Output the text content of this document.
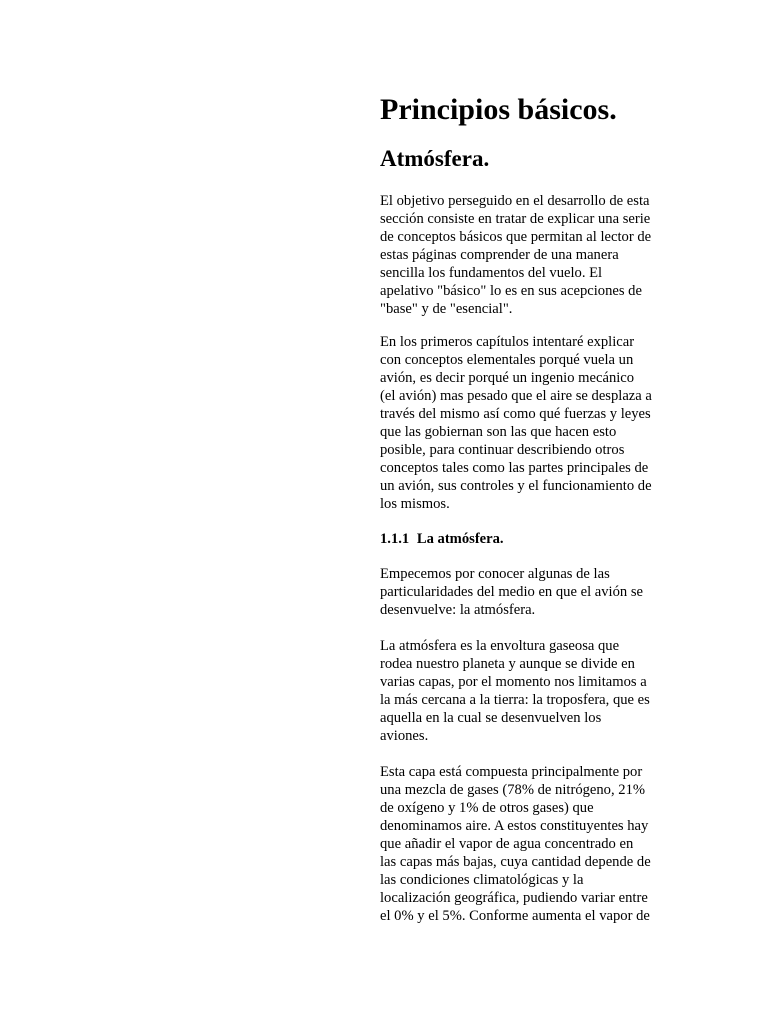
Principios básicos.
Atmósfera.
El objetivo perseguido en el desarrollo de esta
sección consiste en tratar de explicar una serie
de conceptos básicos que permitan al lector de
estas páginas comprender de una manera
sencilla los fundamentos del vuelo. El
apelativo "básico" lo es en sus acepciones de
"base" y de "esencial".
En los primeros capítulos intentaré explicar
con conceptos elementales porqué vuela un
avión, es decir porqué un ingenio mecánico
(el avión) mas pesado que el aire se desplaza a
través del mismo así como qué fuerzas y leyes
que las gobiernan son las que hacen esto
posible, para continuar describiendo otros
conceptos tales como las partes principales de
un avión, sus controles y el funcionamiento de
los mismos.
1.1.1 La atmósfera.
Empecemos por conocer algunas de las
particularidades del medio en que el avión se
desenvuelve: la atmósfera.
La atmósfera es la envoltura gaseosa que
rodea nuestro planeta y aunque se divide en
varias capas, por el momento nos limitamos a
la más cercana a la tierra: la troposfera, que es
aquella en la cual se desenvuelven los
aviones.
Esta capa está compuesta principalmente por
una mezcla de gases (78% de nitrógeno, 21%
de oxígeno y 1% de otros gases) que
denominamos aire. A estos constituyentes hay
que añadir el vapor de agua concentrado en
las capas más bajas, cuya cantidad depende de
las condiciones climatológicas y la
localización geográfica, pudiendo variar entre
el 0% y el 5%. Conforme aumenta el vapor de
